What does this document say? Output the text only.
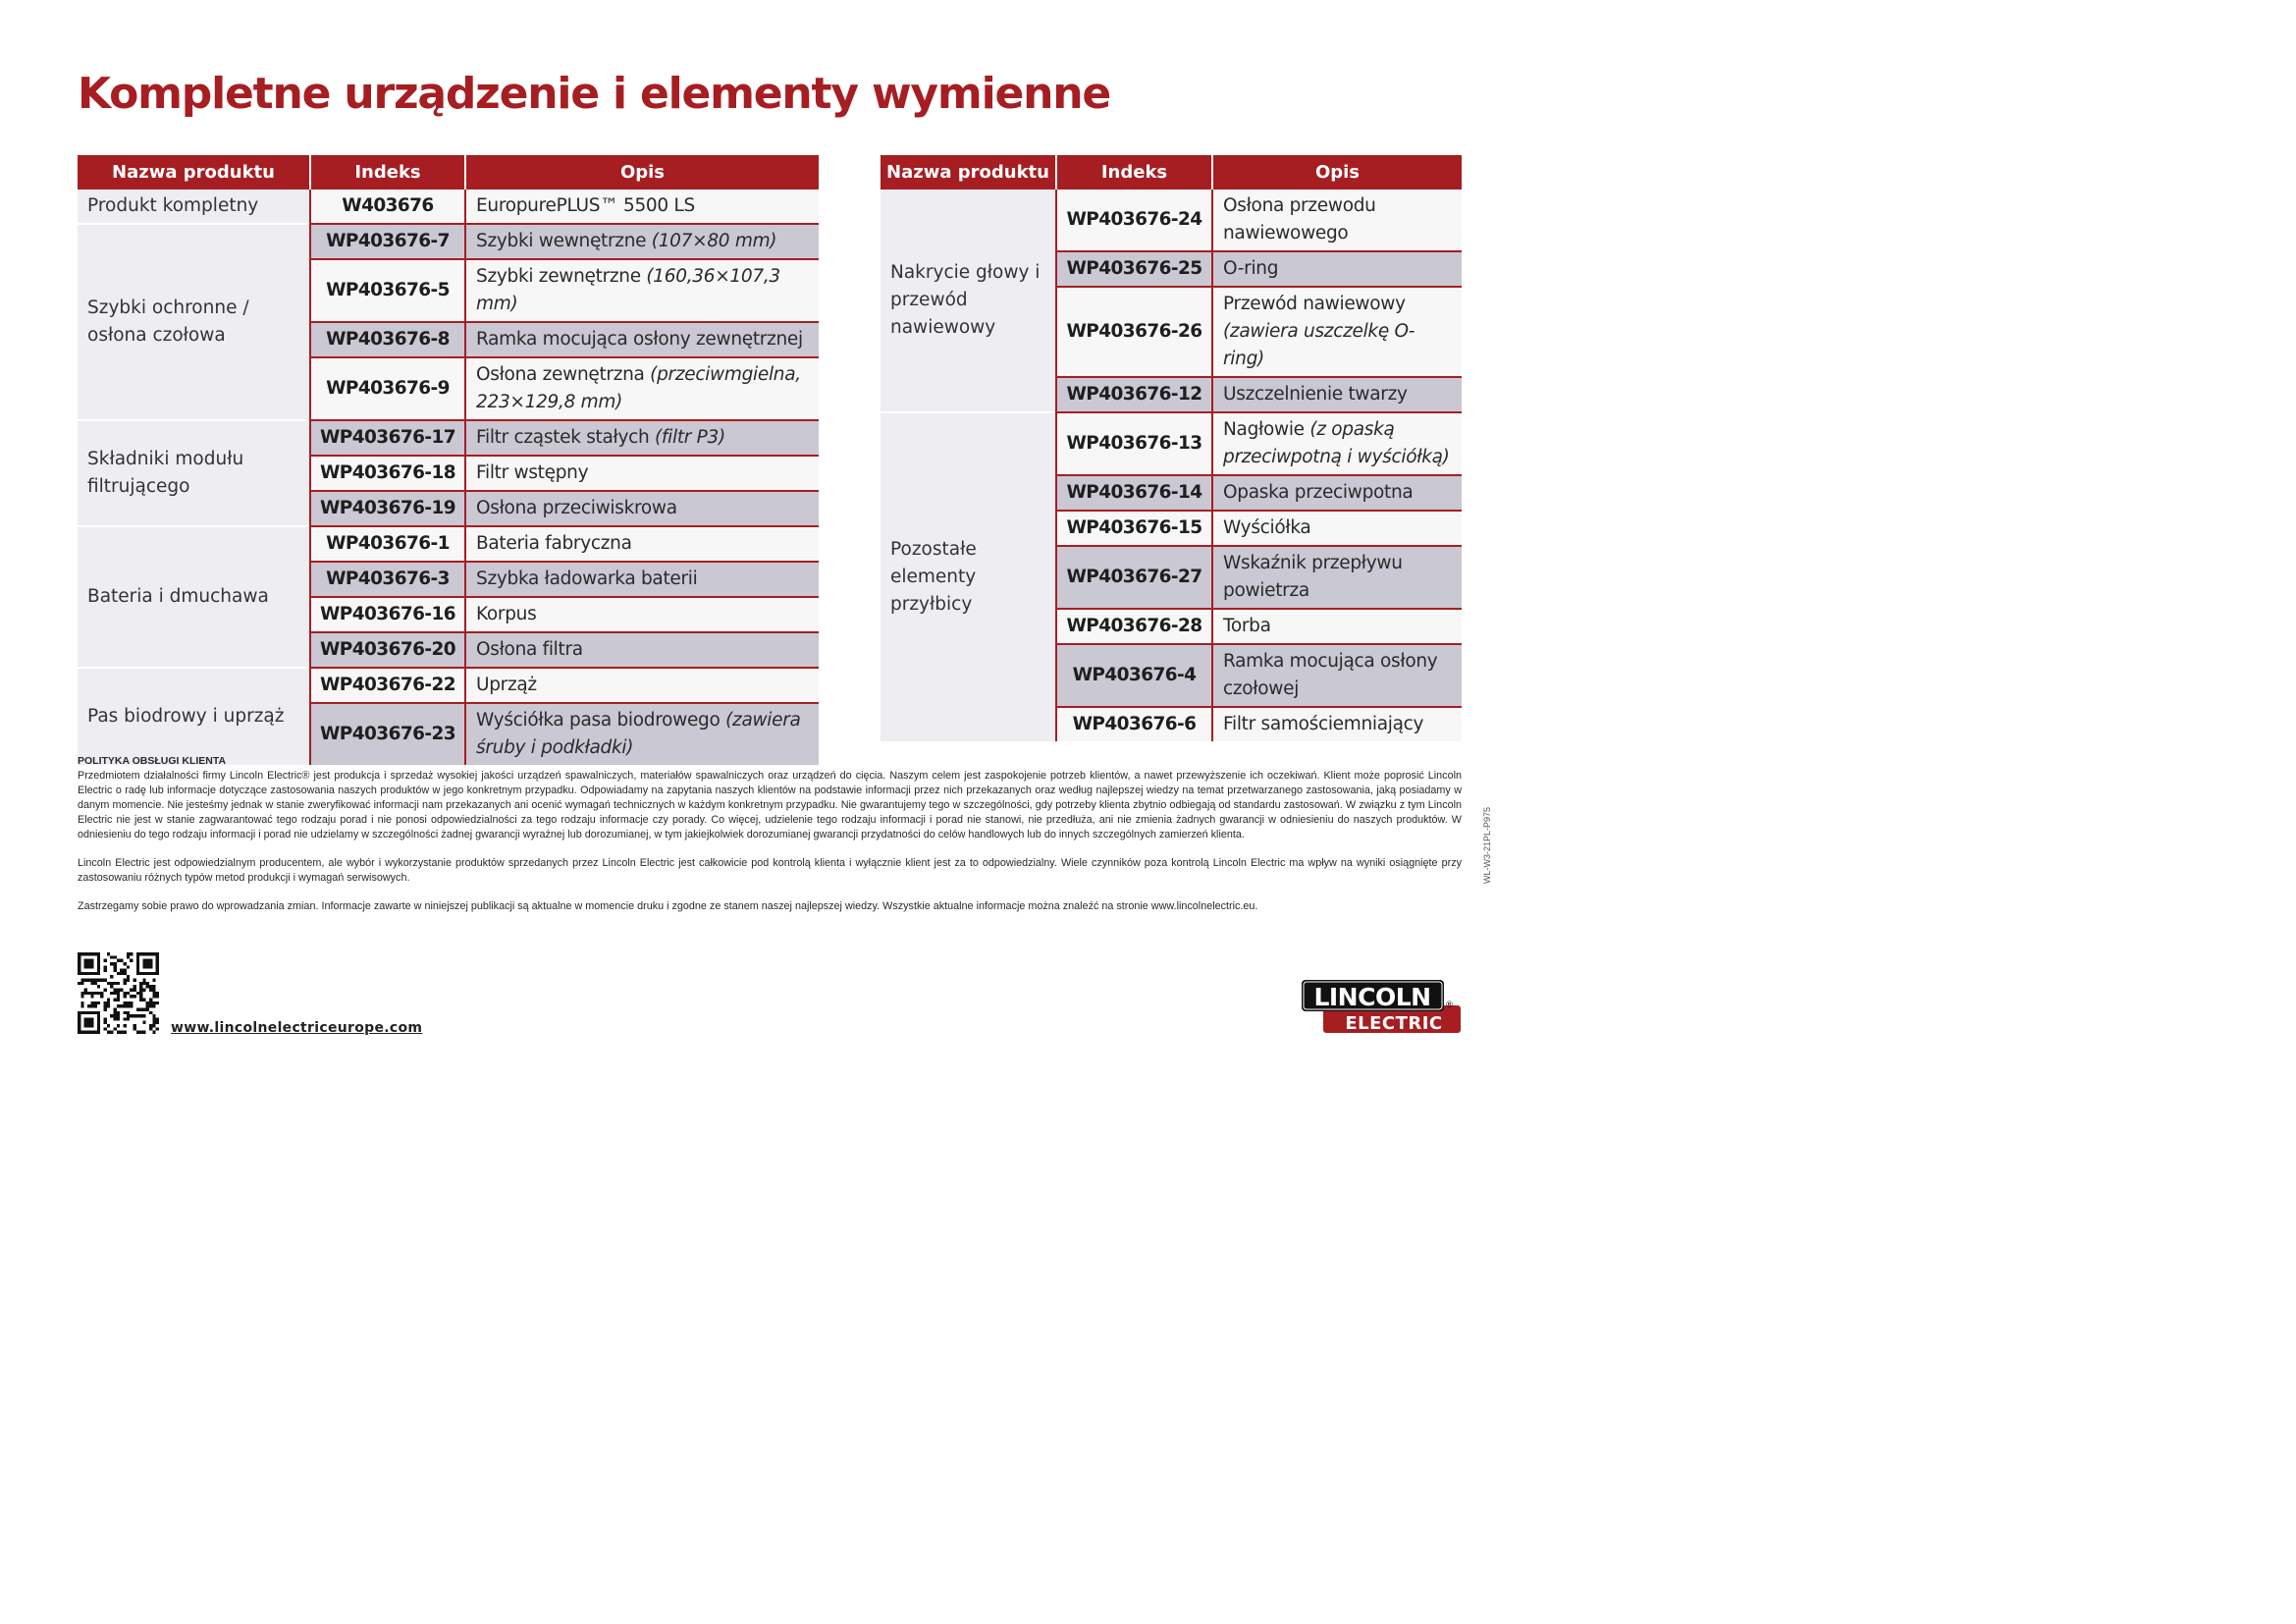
Kompletne urządzenie i elementy wymienne
Nazwa produktu	Indeks	Opis
Produkt kompletny	W403676	EuropurePLUS™ 5500 LS
Szybki ochronne / osłona czołowa	WP403676-7	Szybki wewnętrzne (107×80 mm)
	WP403676-5	Szybki zewnętrzne (160,36×107,3 mm)
	WP403676-8	Ramka mocująca osłony zewnętrznej
	WP403676-9	Osłona zewnętrzna (przeciwmgielna, 223×129,8 mm)
Składniki modułu filtrującego	WP403676-17	Filtr cząstek stałych (filtr P3)
	WP403676-18	Filtr wstępny
	WP403676-19	Osłona przeciwiskrowa
Bateria i dmuchawa	WP403676-1	Bateria fabryczna
	WP403676-3	Szybka ładowarka baterii
	WP403676-16	Korpus
	WP403676-20	Osłona filtra
Pas biodrowy i uprząż	WP403676-22	Uprząż
	WP403676-23	Wyściółka pasa biodrowego (zawiera śruby i podkładki)
Nazwa produktu	Indeks	Opis
Nakrycie głowy i przewód nawiewowy	WP403676-24	Osłona przewodu nawiewowego
	WP403676-25	O-ring
	WP403676-26	Przewód nawiewowy (zawiera uszczelkę O-ring)
	WP403676-12	Uszczelnienie twarzy
Pozostałe elementy przyłbicy	WP403676-13	Nagłowie (z opaską przeciwpotną i wyściółką)
	WP403676-14	Opaska przeciwpotna
	WP403676-15	Wyściółka
	WP403676-27	Wskaźnik przepływu powietrza
	WP403676-28	Torba
	WP403676-4	Ramka mocująca osłony czołowej
	WP403676-6	Filtr samościemniający
POLITYKA OBSŁUGI KLIENTA

Przedmiotem działalności firmy Lincoln Electric® jest produkcja i sprzedaż wysokiej jakości urządzeń spawalniczych, materiałów spawalniczych oraz urządzeń do cięcia. Naszym celem jest zaspokojenie potrzeb klientów, a nawet przewyższenie ich oczekiwań. Klient może poprosić Lincoln Electric o radę lub informacje dotyczące zastosowania naszych produktów w jego konkretnym przypadku. Odpowiadamy na zapytania naszych klientów na podstawie informacji przez nich przekazanych oraz według najlepszej wiedzy na temat przetwarzanego zastosowania, jaką posiadamy w danym momencie. Nie jesteśmy jednak w stanie zweryfikować informacji nam przekazanych ani ocenić wymagań technicznych w każdym konkretnym przypadku. Nie gwarantujemy tego w szczególności, gdy potrzeby klienta zbytnio odbiegają od standardu zastosowań. W związku z tym Lincoln Electric nie jest w stanie zagwarantować tego rodzaju porad i nie ponosi odpowiedzialności za tego rodzaju informacje czy porady. Co więcej, udzielenie tego rodzaju informacji i porad nie stanowi, nie przedłuża, ani nie zmienia żadnych gwarancji w odniesieniu do naszych produktów. W odniesieniu do tego rodzaju informacji i porad nie udzielamy w szczególności żadnej gwarancji wyraźnej lub dorozumianej, w tym jakiejkolwiek dorozumianej gwarancji przydatności do celów handlowych lub do innych szczególnych zamierzeń klienta.

Lincoln Electric jest odpowiedzialnym producentem, ale wybór i wykorzystanie produktów sprzedanych przez Lincoln Electric jest całkowicie pod kontrolą klienta i wyłącznie klient jest za to odpowiedzialny. Wiele czynników poza kontrolą Lincoln Electric ma wpływ na wyniki osiągnięte przy zastosowaniu różnych typów metod produkcji i wymagań serwisowych.

Zastrzegamy sobie prawo do wprowadzania zmian. Informacje zawarte w niniejszej publikacji są aktualne w momencie druku i zgodne ze stanem naszej najlepszej wiedzy. Wszystkie aktualne informacje można znaleźć na stronie www.lincolnelectric.eu.

WL-W3-21PL-P975
www.lincolnelectriceurope.com
LINCOLN ®
ELECTRIC
